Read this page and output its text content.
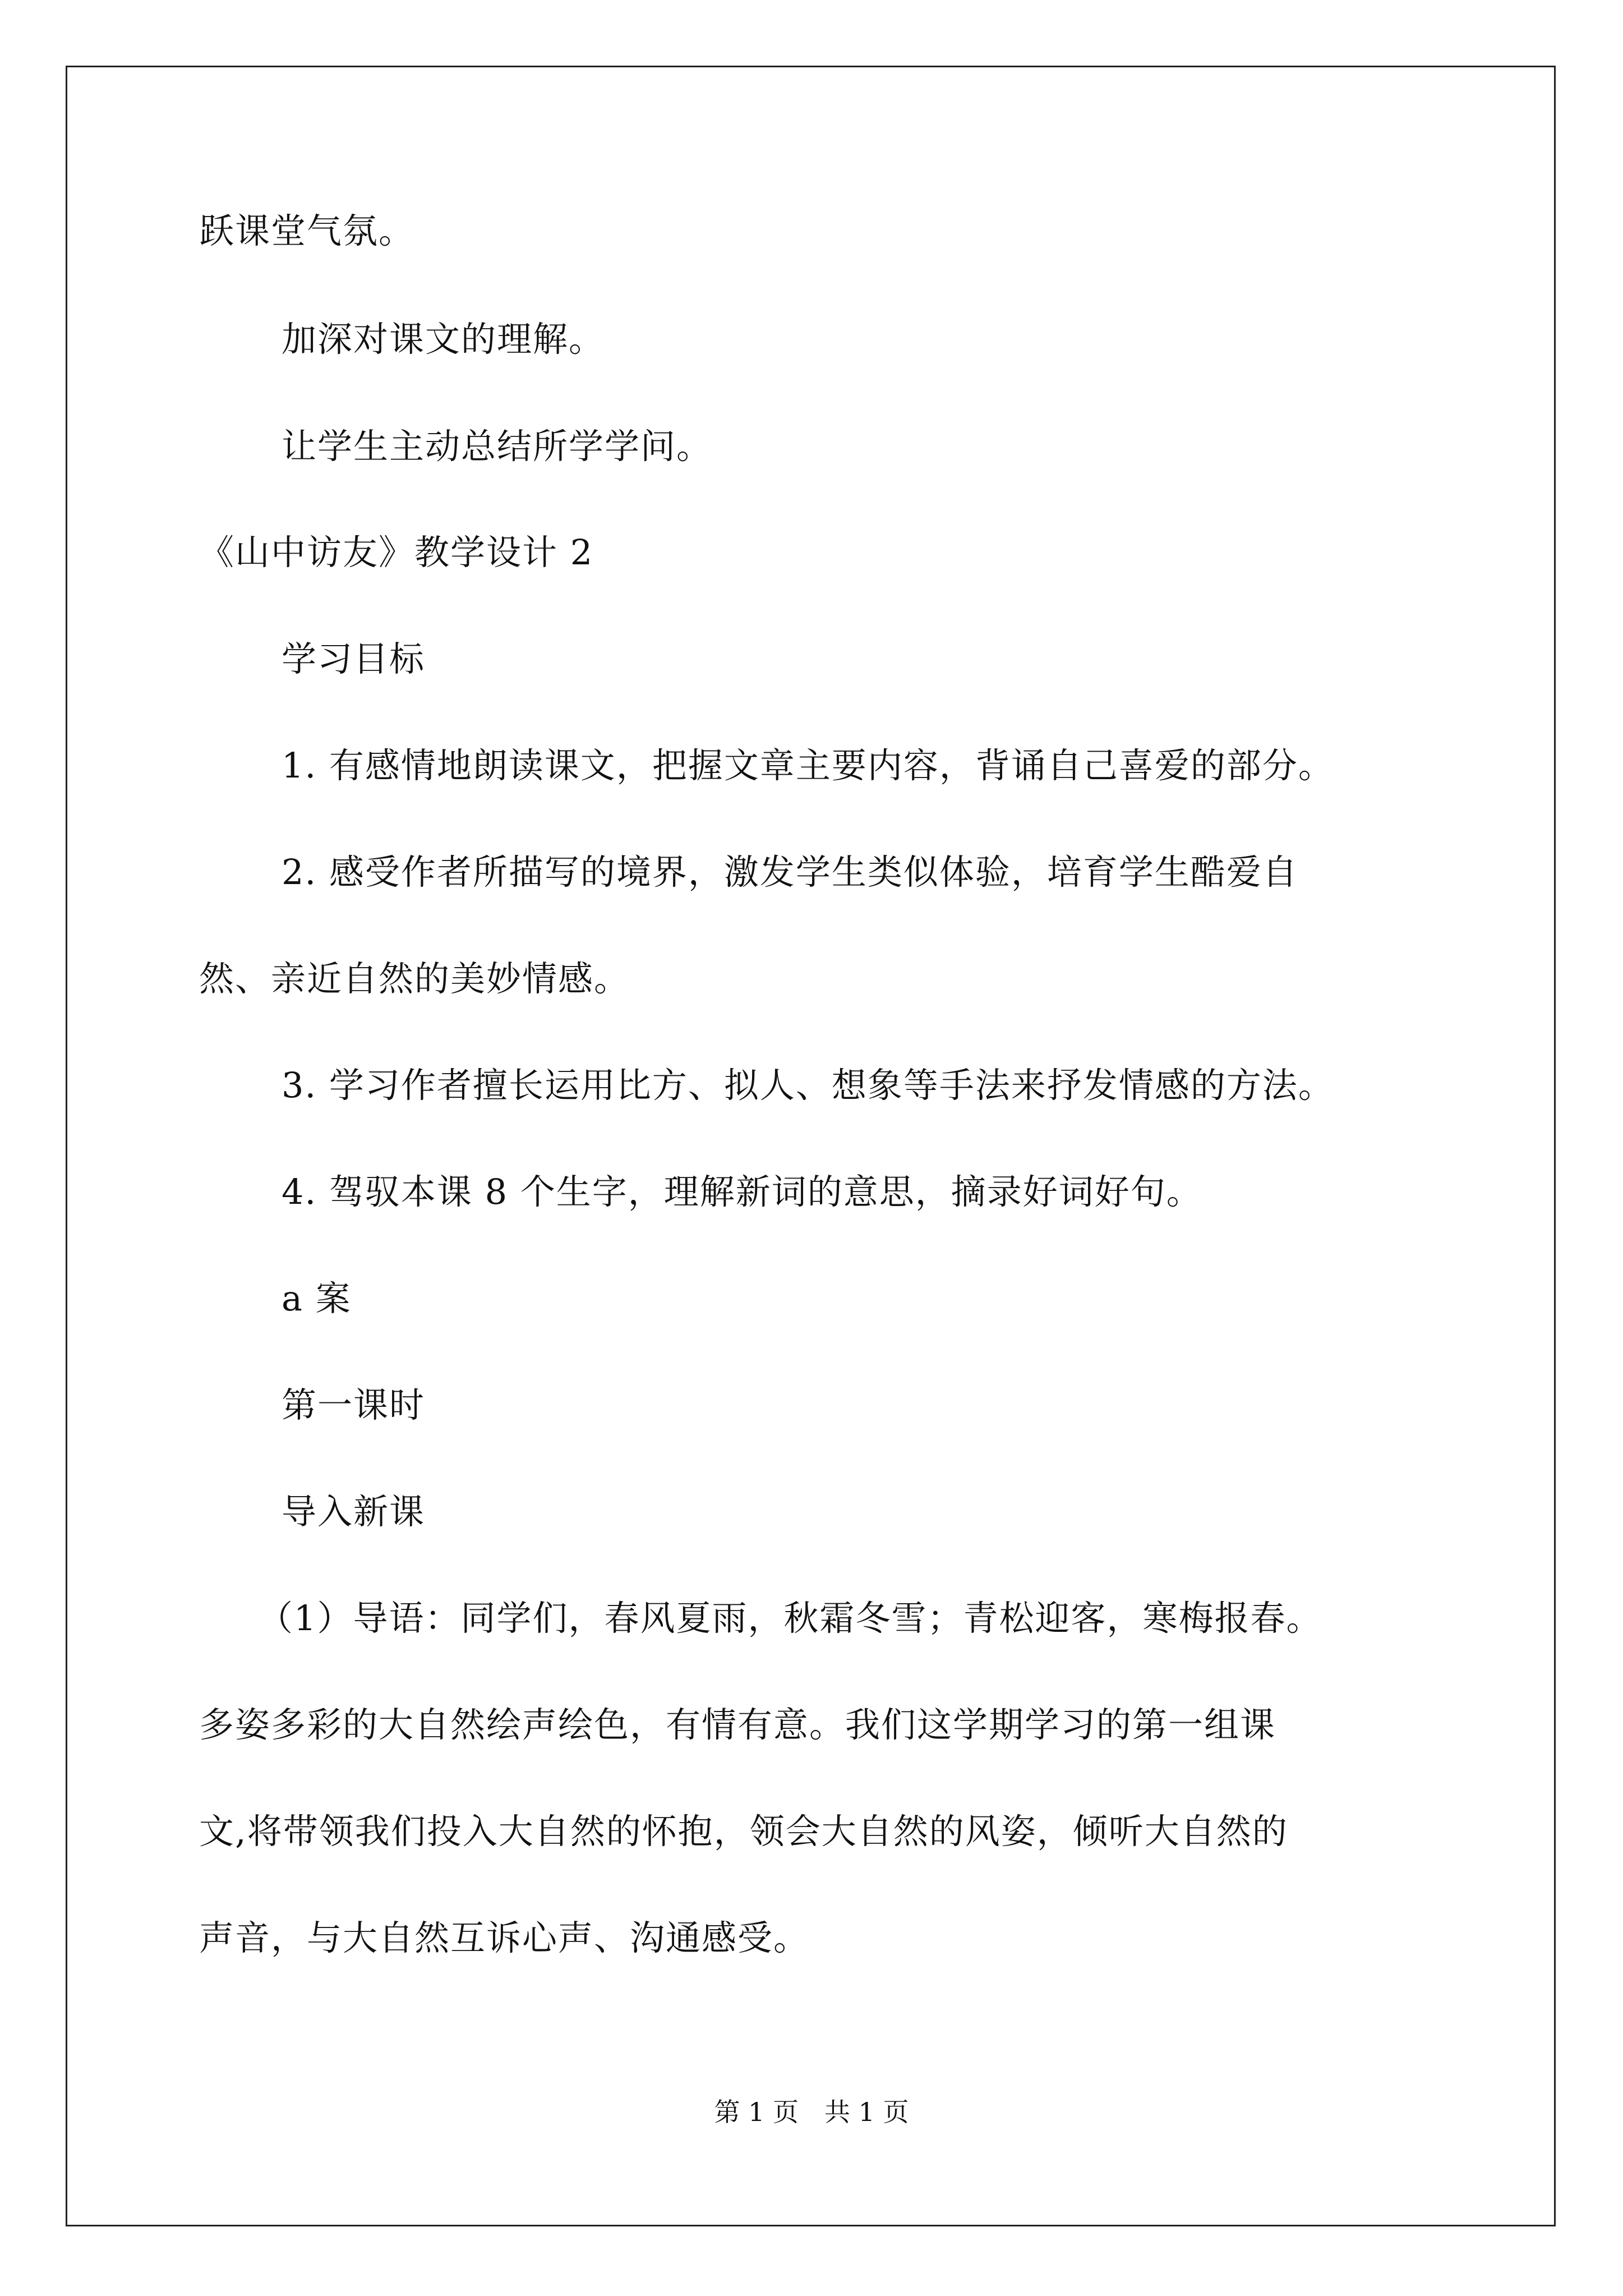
跃课堂气氛。
加深对课文的理解。
让学生主动总结所学学问。
《山中访友》教学设计 2
学习目标
1. 有感情地朗读课文，把握文章主要内容，背诵自己喜爱的部分。
2. 感受作者所描写的境界，激发学生类似体验，培育学生酷爱自
然、亲近自然的美妙情感。
3. 学习作者擅长运用比方、拟人、想象等手法来抒发情感的方法。
4. 驾驭本课 8 个生字，理解新词的意思，摘录好词好句。
a 案
第一课时
导入新课
（1）导语：同学们，春风夏雨，秋霜冬雪；青松迎客，寒梅报春。
多姿多彩的大自然绘声绘色，有情有意。我们这学期学习的第一组课
文,将带领我们投入大自然的怀抱，领会大自然的风姿，倾听大自然的
声音，与大自然互诉心声、沟通感受。
第 1 页　共 1 页
